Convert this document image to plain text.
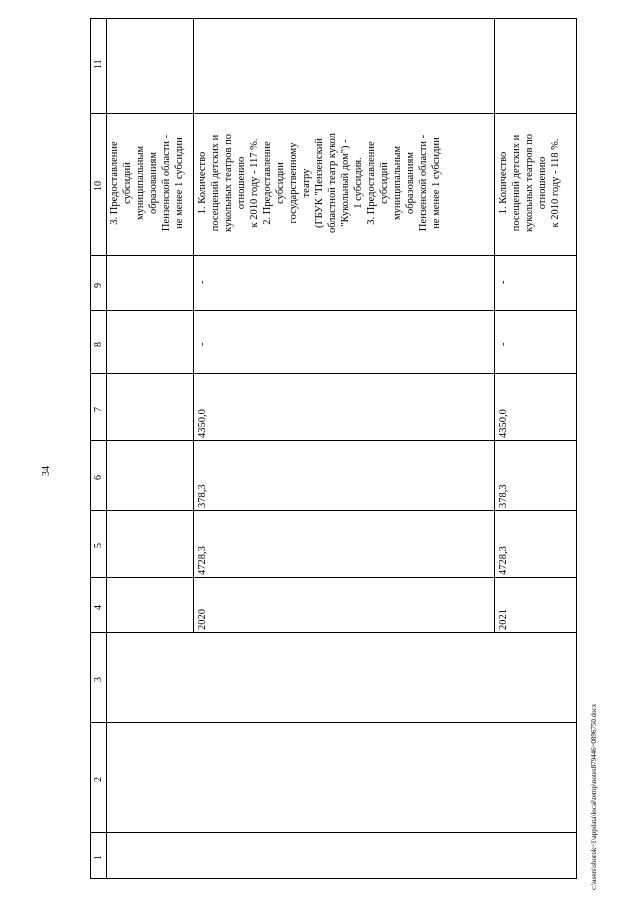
34
11
10
9
8
7
6
5
4
3
2
1
3. Предоставление субсидий муниципальным образованиям Пензенской области - не менее 1 субсидии
2020
4728,3
378,3
4350,0
-
-
1. Количество посещений детских и кукольных театров по отношению к 2010 году - 117 %. 2. Предоставление субсидии государственному театру (ГБУК "Пензенский областной театр кукол "Кукольный дом") - 1 субсидия. 3. Предоставление субсидий муниципальным образованиям Пензенской области - не менее 1 субсидии
2021
4728,3
378,3
4350,0
-
-
1. Количество посещений детских и кукольных театров по отношению к 2010 году - 118 %.
c:\users\sborok~1\appdata\local\temp\notes879446~0896750.docx
